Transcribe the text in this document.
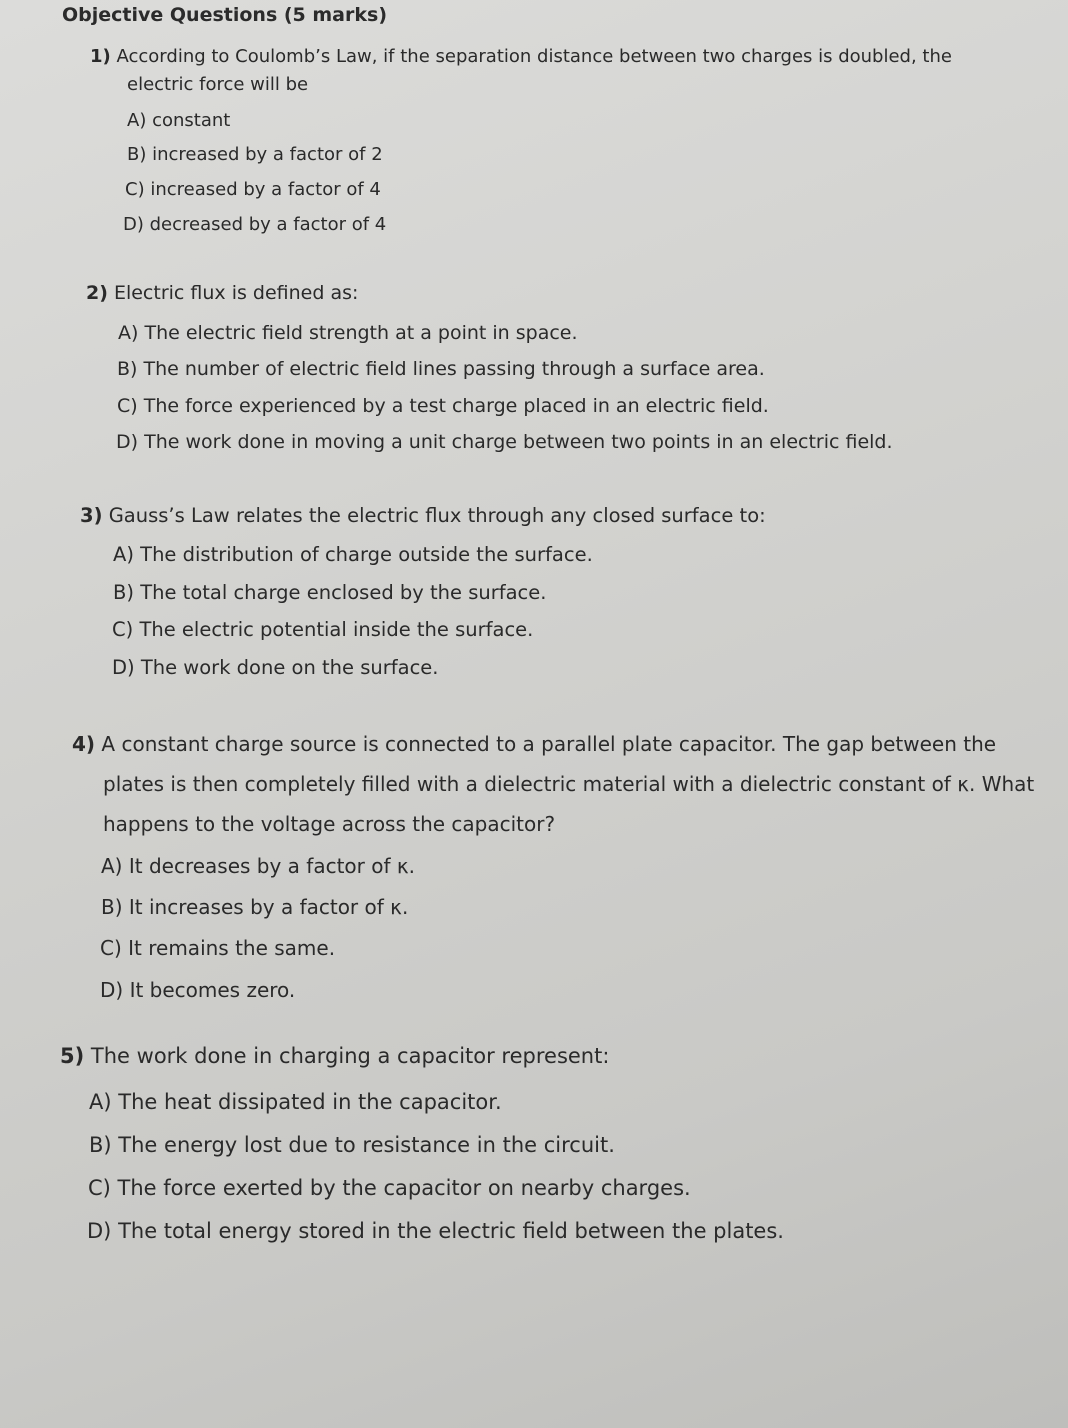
Objective Questions (5 marks)
1) According to Coulomb’s Law, if the separation distance between two charges is doubled, the
electric force will be
A) constant
B) increased by a factor of 2
C) increased by a factor of 4
D) decreased by a factor of 4
2) Electric flux is defined as:
A) The electric field strength at a point in space.
B) The number of electric field lines passing through a surface area.
C) The force experienced by a test charge placed in an electric field.
D) The work done in moving a unit charge between two points in an electric field.
3) Gauss’s Law relates the electric flux through any closed surface to:
A) The distribution of charge outside the surface.
B) The total charge enclosed by the surface.
C) The electric potential inside the surface.
D) The work done on the surface.
4) A constant charge source is connected to a parallel plate capacitor. The gap between the
plates is then completely filled with a dielectric material with a dielectric constant of κ. What
happens to the voltage across the capacitor?
A) It decreases by a factor of κ.
B) It increases by a factor of κ.
C) It remains the same.
D) It becomes zero.
5) The work done in charging a capacitor represent:
A) The heat dissipated in the capacitor.
B) The energy lost due to resistance in the circuit.
C) The force exerted by the capacitor on nearby charges.
D) The total energy stored in the electric field between the plates.
